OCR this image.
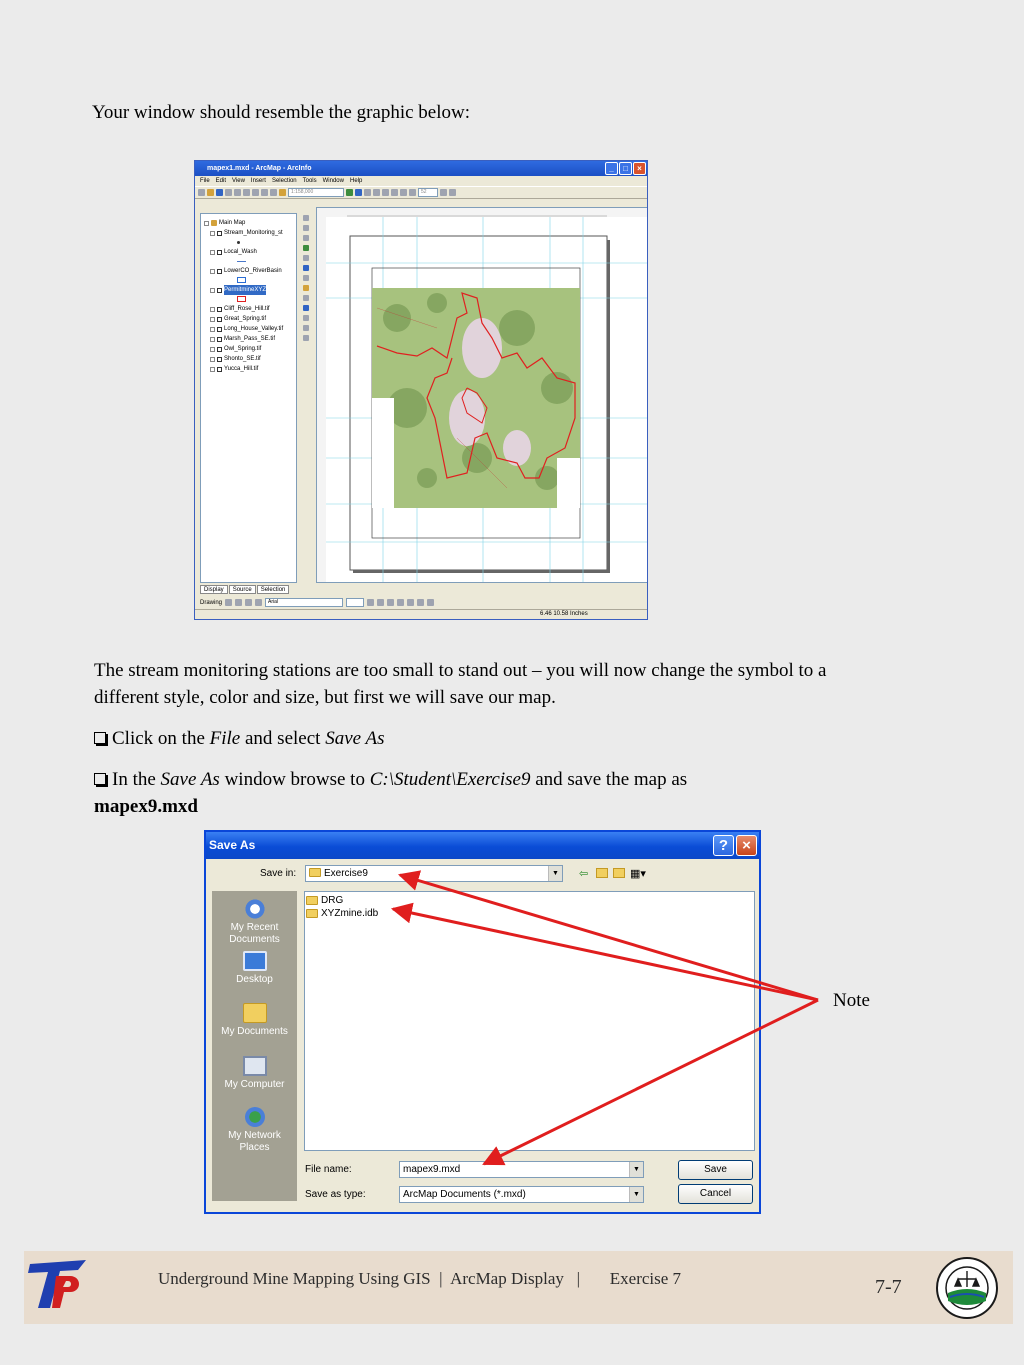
Your window should resemble the graphic below:
mapex1.mxd - ArcMap - ArcInfo	_	□	×
File Edit View Insert Selection Tools Window Help
1:158,000	52
Main Map
Stream_Monitoring_st
Local_Wash
LowerCO_RiverBasin
PermitmineXYZ
Cliff_Rose_Hill.tif
Great_Spring.tif
Long_House_Valley.tif
Marsh_Pass_SE.tif
Owl_Spring.tif
Shonto_SE.tif
Yucca_Hill.tif
Display	Source	Selection
Drawing	Arial
6.46 10.58 Inches
The stream monitoring stations are too small to stand out – you will now change the symbol to a different style, color and size, but first we will save our map.
Click on the File and select Save As
In the Save As window browse to C:\Student\Exercise9 and save the map as
mapex9.mxd
Save As	? ×
Save in:	Exercise9	▼ ⇦	▦▾
My Recent Documents
Desktop
My Documents
My Computer
My Network Places
DRG
XYZmine.idb
File name:	mapex9.mxd	▼
Save as type:	ArcMap Documents (*.mxd)	▼
Save
Cancel
Note
Underground Mine Mapping Using GIS  |  ArcMap Display   |       Exercise 7	7-7
